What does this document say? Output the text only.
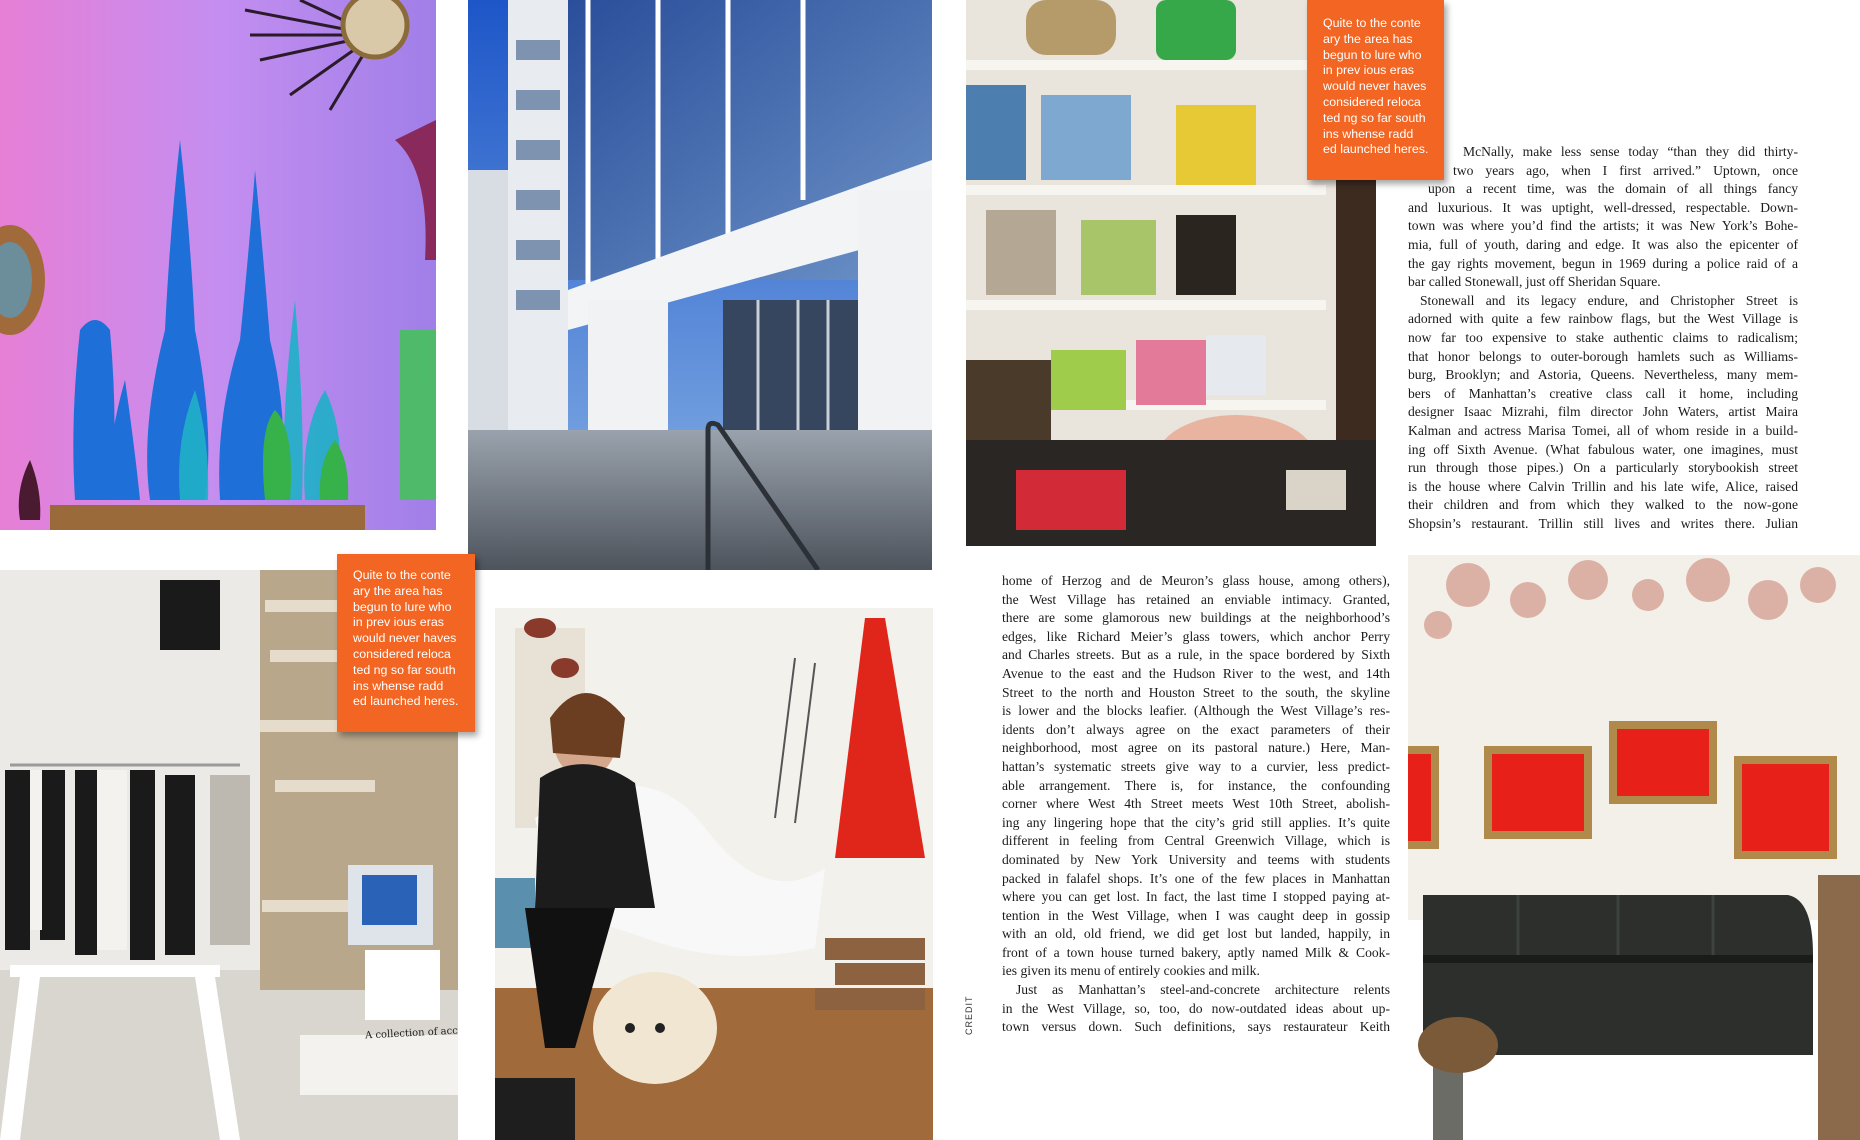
Quite to the conte
ary the area has
begun to lure who
in prev ious eras
would never haves
considered reloca
ted ng so far south
ins whense radd
ed launched heres.
Quite to the conte
ary the area has
begun to lure who
in prev ious eras
would never haves
considered reloca
ted ng so far south
ins whense radd
ed launched heres.
A collection of acc
McNally, make less sense today “than they did thirty-
two years ago, when I first arrived.” Uptown, once
upon a recent time, was the domain of all things fancy
and luxurious. It was uptight, well-dressed, respectable. Down-
town was where you’d find the artists; it was New York’s Bohe-
mia, full of youth, daring and edge. It was also the epicenter of
the gay rights movement, begun in 1969 during a police raid of a
bar called Stonewall, just off Sheridan Square.
Stonewall and its legacy endure, and Christopher Street is
adorned with quite a few rainbow flags, but the West Village is
now far too expensive to stake authentic claims to radicalism;
that honor belongs to outer-borough hamlets such as Williams-
burg, Brooklyn; and Astoria, Queens. Nevertheless, many mem-
bers of Manhattan’s creative class call it home, including
designer Isaac Mizrahi, film director John Waters, artist Maira
Kalman and actress Marisa Tomei, all of whom reside in a build-
ing off Sixth Avenue. (What fabulous water, one imagines, must
run through those pipes.) On a particularly storybookish street
is the house where Calvin Trillin and his late wife, Alice, raised
their children and from which they walked to the now-gone
Shopsin’s restaurant. Trillin still lives and writes there. Julian
home of Herzog and de Meuron’s glass house, among others),
the West Village has retained an enviable intimacy. Granted,
there are some glamorous new buildings at the neighborhood’s
edges, like Richard Meier’s glass towers, which anchor Perry
and Charles streets. But as a rule, in the space bordered by Sixth
Avenue to the east and the Hudson River to the west, and 14th
Street to the north and Houston Street to the south, the skyline
is lower and the blocks leafier. (Although the West Village’s res-
idents don’t always agree on the exact parameters of their
neighborhood, most agree on its pastoral nature.) Here, Man-
hattan’s systematic streets give way to a curvier, less predict-
able arrangement. There is, for instance, the confounding
corner where West 4th Street meets West 10th Street, abolish-
ing any lingering hope that the city’s grid still applies. It’s quite
different in feeling from Central Greenwich Village, which is
dominated by New York University and teems with students
packed in falafel shops. It’s one of the few places in Manhattan
where you can get lost. In fact, the last time I stopped paying at-
tention in the West Village, when I was caught deep in gossip
with an old, old friend, we did get lost but landed, happily, in
front of a town house turned bakery, aptly named Milk & Cook-
ies given its menu of entirely cookies and milk.
Just as Manhattan’s steel-and-concrete architecture relents
in the West Village, so, too, do now-outdated ideas about up-
town versus down. Such definitions, says restaurateur Keith
CREDIT
